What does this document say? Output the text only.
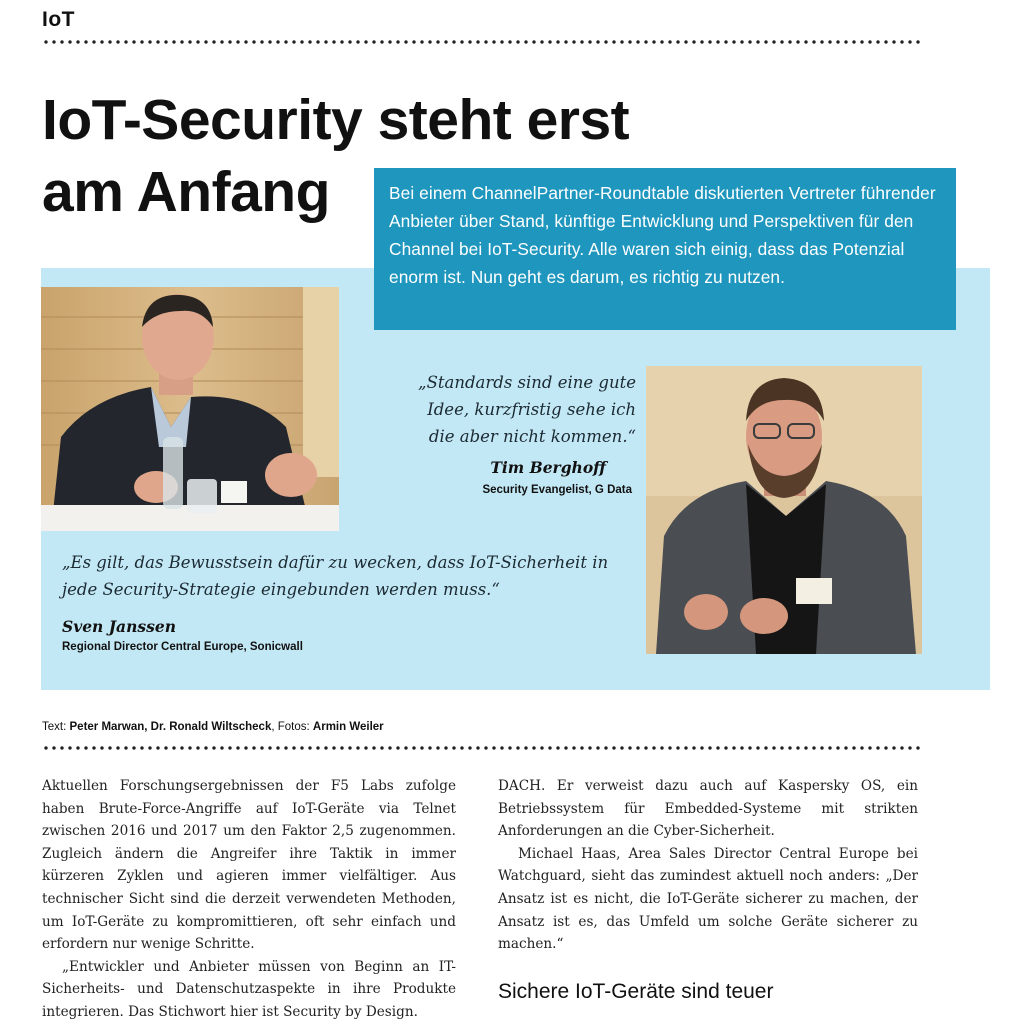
IoT
IoT-Security steht erst am Anfang	Bei einem ChannelPartner-Roundtable diskutierten Vertreter führender Anbieter über Stand, künftige Entwicklung und Perspektiven für den Channel bei IoT-Security. Alle waren sich einig, dass das Potenzial enorm ist. Nun geht es darum, es richtig zu nutzen.

„Standards sind eine gute Idee, kurzfristig sehe ich die aber nicht kommen.“

Tim Berghoff
Security Evangelist, G Data

„Es gilt, das Bewusstsein dafür zu wecken, dass IoT-Sicherheit in jede Security-Strategie eingebunden werden muss.“

Sven Janssen
Regional Director Central Europe, Sonicwall
Text: Peter Marwan, Dr. Ronald Wiltscheck, Fotos: Armin Weiler

Aktuellen Forschungsergebnissen der F5 Labs zufolge haben Brute-Force-Angriffe auf IoT-Geräte via Telnet zwischen 2016 und 2017 um den Faktor 2,5 zugenommen. Zugleich ändern die Angreifer ihre Taktik in immer kürzeren Zyklen und agieren immer vielfältiger. Aus technischer Sicht sind die derzeit verwendeten Methoden, um IoT-Geräte zu kompromittieren, oft sehr einfach und erfordern nur wenige Schritte.

„Entwickler und Anbieter müssen von Beginn an IT-Sicherheits- und Datenschutzaspekte in ihre Produkte integrieren. Das Stichwort hier ist Security by Design.

DACH. Er verweist dazu auch auf Kaspersky OS, ein Betriebssystem für Embedded-Systeme mit strikten Anforderungen an die Cyber-Sicherheit.

Michael Haas, Area Sales Director Central Europe bei Watchguard, sieht das zumindest aktuell noch anders: „Der Ansatz ist es nicht, die IoT-Geräte sicherer zu machen, der Ansatz ist es, das Umfeld um solche Geräte sicherer zu machen.“

Sichere IoT-Geräte sind teuer
